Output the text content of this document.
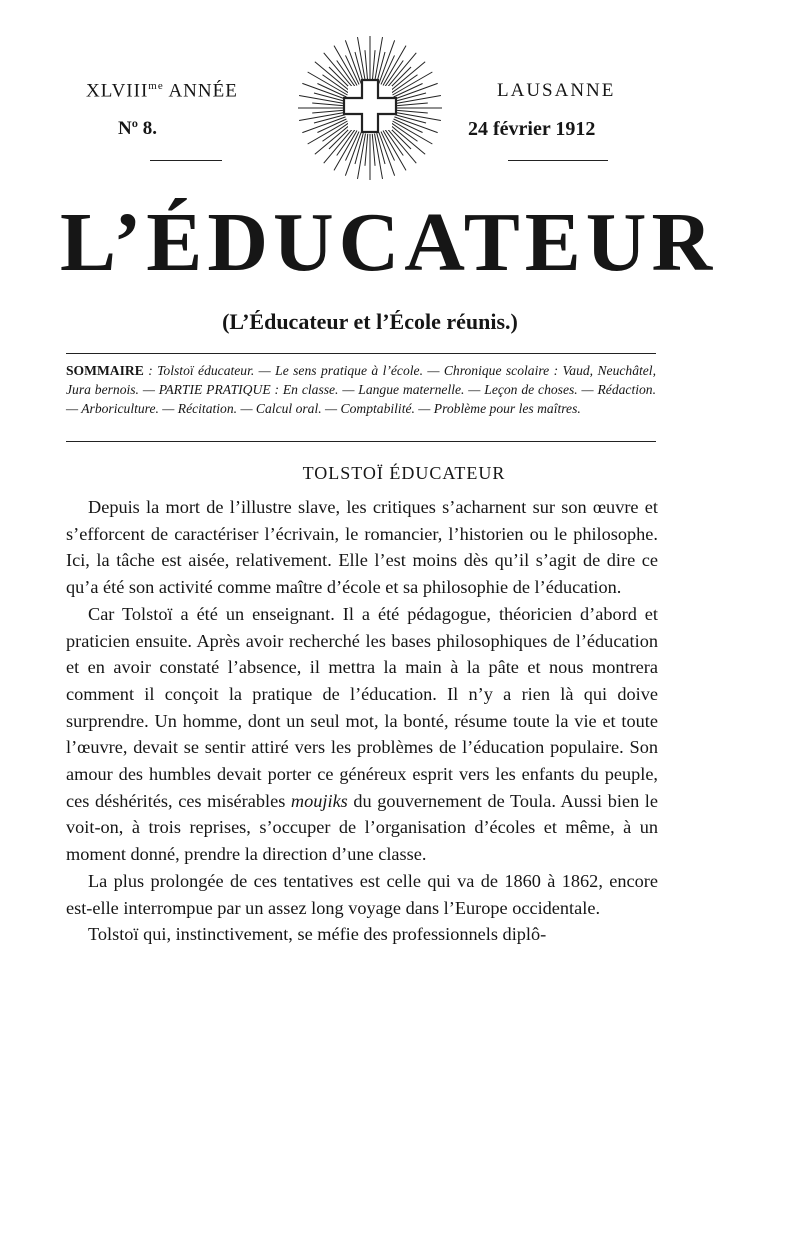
$XLVIII^{me}$ ANNÉE
Nº 8.
LAUSANNE
24 février 1912
L’ÉDUCATEUR
(L’Éducateur et l’École réunis.)
SOMMAIRE : Tolstoï éducateur. — Le sens pratique à l’école. — Chronique scolaire : Vaud, Neuchâtel, Jura bernois. — PARTIE PRATIQUE : En classe. — Langue maternelle. — Leçon de choses. — Rédaction. — Arboriculture. — Récitation. — Calcul oral. — Comptabilité. — Problème pour les maîtres.
TOLSTOÏ ÉDUCATEUR

Depuis la mort de l’illustre slave, les critiques s’acharnent sur son œuvre et s’efforcent de caractériser l’écrivain, le romancier, l’historien ou le philosophe. Ici, la tâche est aisée, relativement. Elle l’est moins dès qu’il s’agit de dire ce qu’a été son activité comme maître d’école et sa philosophie de l’éducation.

Car Tolstoï a été un enseignant. Il a été pédagogue, théoricien d’abord et praticien ensuite. Après avoir recherché les bases philosophiques de l’éducation et en avoir constaté l’absence, il mettra la main à la pâte et nous montrera comment il conçoit la pratique de l’éducation. Il n’y a rien là qui doive surprendre. Un homme, dont un seul mot, la bonté, résume toute la vie et toute l’œuvre, devait se sentir attiré vers les problèmes de l’éducation populaire. Son amour des humbles devait porter ce généreux esprit vers les enfants du peuple, ces déshérités, ces misérables moujiks du gouvernement de Toula. Aussi bien le voit-on, à trois reprises, s’occuper de l’organisation d’écoles et même, à un moment donné, prendre la direction d’une classe.

La plus prolongée de ces tentatives est celle qui va de 1860 à 1862, encore est-elle interrompue par un assez long voyage dans l’Europe occidentale.

Tolstoï qui, instinctivement, se méfie des professionnels diplô-
